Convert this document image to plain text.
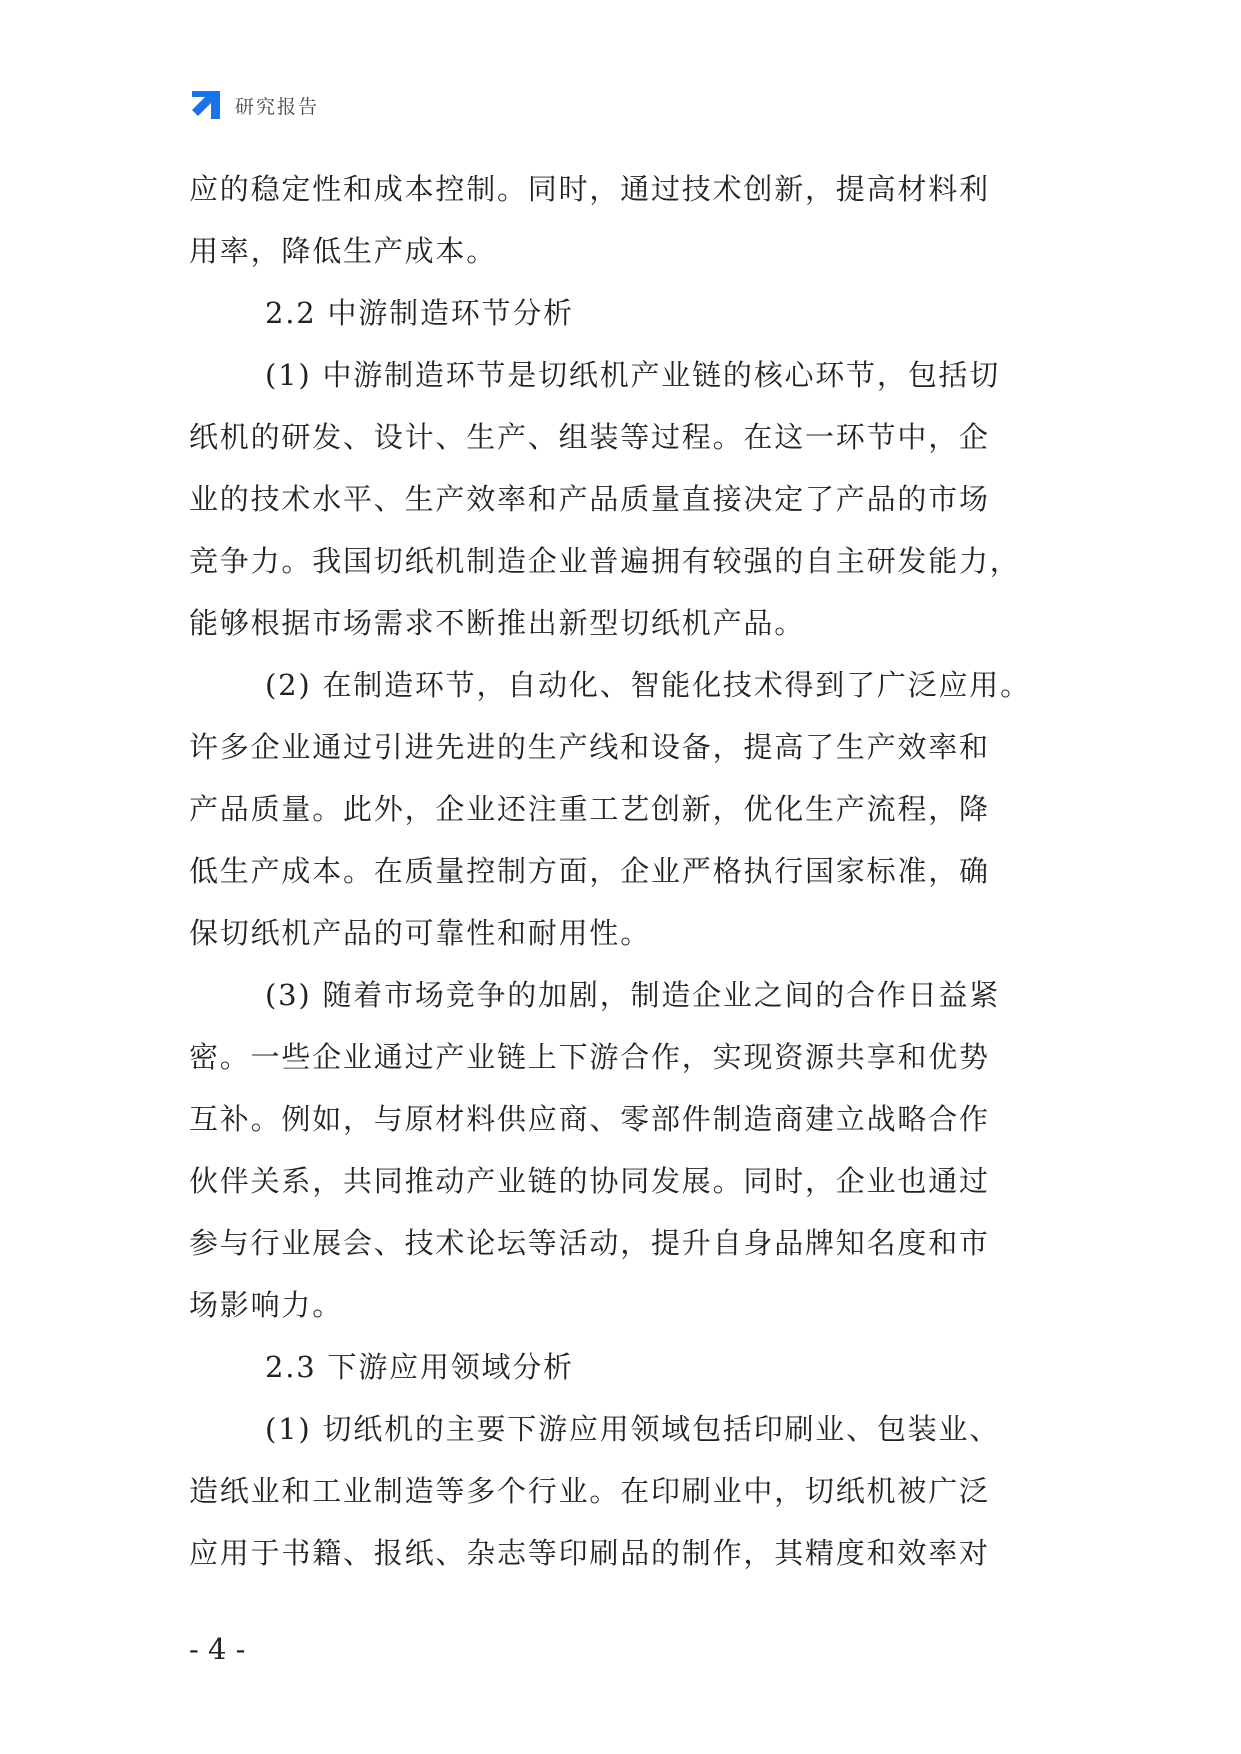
研究报告
应的稳定性和成本控制。同时，通过技术创新，提高材料利
用率，降低生产成本。
2.2 中游制造环节分析
(1) 中游制造环节是切纸机产业链的核心环节，包括切
纸机的研发、设计、生产、组装等过程。在这一环节中，企
业的技术水平、生产效率和产品质量直接决定了产品的市场
竞争力。我国切纸机制造企业普遍拥有较强的自主研发能力，
能够根据市场需求不断推出新型切纸机产品。
(2) 在制造环节，自动化、智能化技术得到了广泛应用。
许多企业通过引进先进的生产线和设备，提高了生产效率和
产品质量。此外，企业还注重工艺创新，优化生产流程，降
低生产成本。在质量控制方面，企业严格执行国家标准，确
保切纸机产品的可靠性和耐用性。
(3) 随着市场竞争的加剧，制造企业之间的合作日益紧
密。一些企业通过产业链上下游合作，实现资源共享和优势
互补。例如，与原材料供应商、零部件制造商建立战略合作
伙伴关系，共同推动产业链的协同发展。同时，企业也通过
参与行业展会、技术论坛等活动，提升自身品牌知名度和市
场影响力。
2.3 下游应用领域分析
(1) 切纸机的主要下游应用领域包括印刷业、包装业、
造纸业和工业制造等多个行业。在印刷业中，切纸机被广泛
应用于书籍、报纸、杂志等印刷品的制作，其精度和效率对
- 4 -
